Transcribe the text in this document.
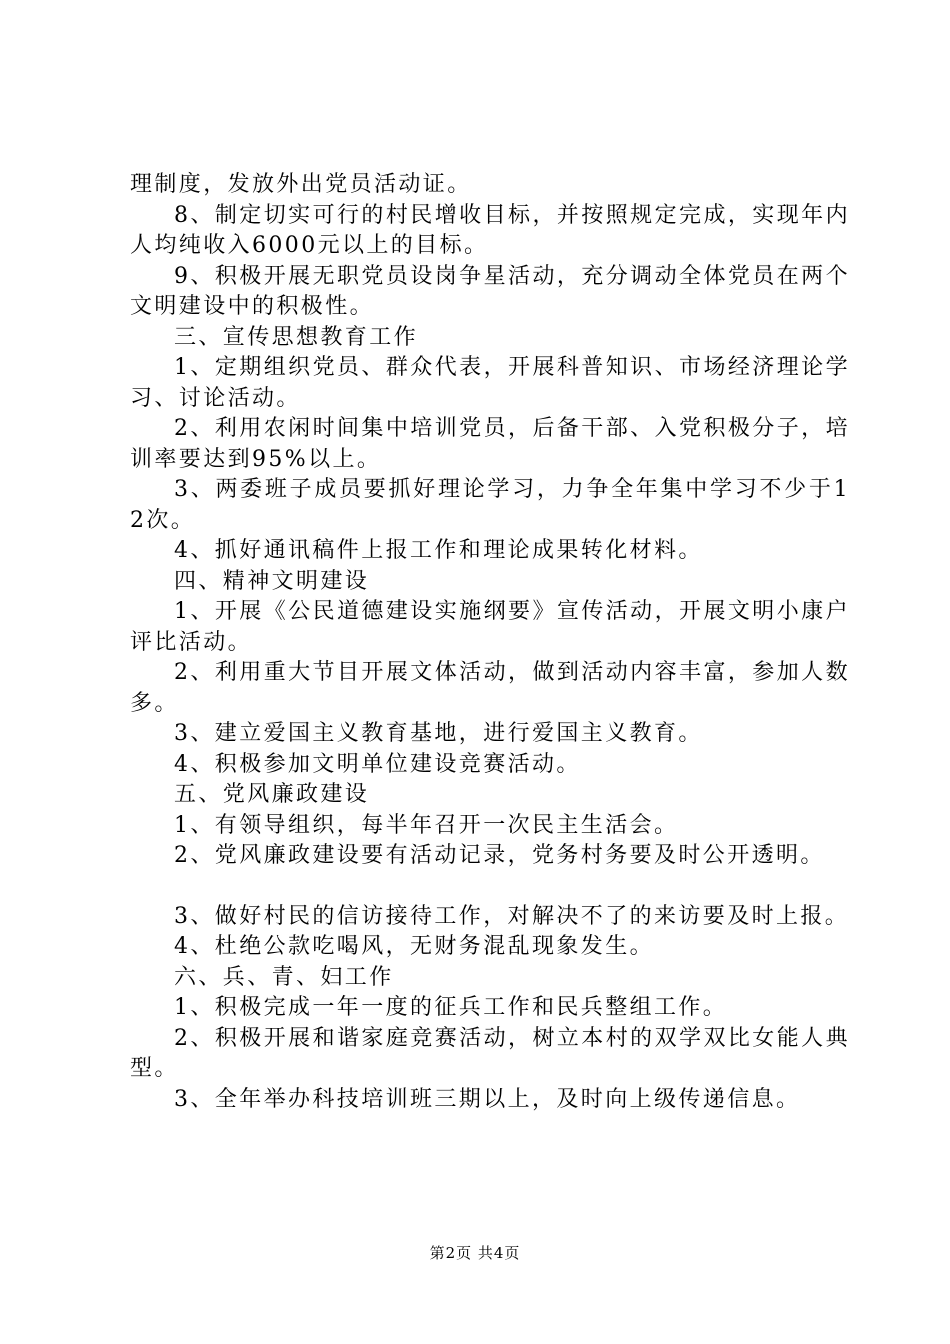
理制度，发放外出党员活动证。

8、制定切实可行的村民增收目标，并按照规定完成，实现年内人均纯收入6000元以上的目标。

9、积极开展无职党员设岗争星活动，充分调动全体党员在两个文明建设中的积极性。

三、宣传思想教育工作

1、定期组织党员、群众代表，开展科普知识、市场经济理论学习、讨论活动。

2、利用农闲时间集中培训党员，后备干部、入党积极分子，培训率要达到95%以上。

3、两委班子成员要抓好理论学习，力争全年集中学习不少于12次。

4、抓好通讯稿件上报工作和理论成果转化材料。

四、精神文明建设

1、开展《公民道德建设实施纲要》宣传活动，开展文明小康户评比活动。

2、利用重大节目开展文体活动，做到活动内容丰富，参加人数多。

3、建立爱国主义教育基地，进行爱国主义教育。

4、积极参加文明单位建设竞赛活动。

五、党风廉政建设

1、有领导组织，每半年召开一次民主生活会。

2、党风廉政建设要有活动记录，党务村务要及时公开透明。

3、做好村民的信访接待工作，对解决不了的来访要及时上报。

4、杜绝公款吃喝风，无财务混乱现象发生。

六、兵、青、妇工作

1、积极完成一年一度的征兵工作和民兵整组工作。

2、积极开展和谐家庭竞赛活动，树立本村的双学双比女能人典型。

3、全年举办科技培训班三期以上，及时向上级传递信息。

第2页 共4页
